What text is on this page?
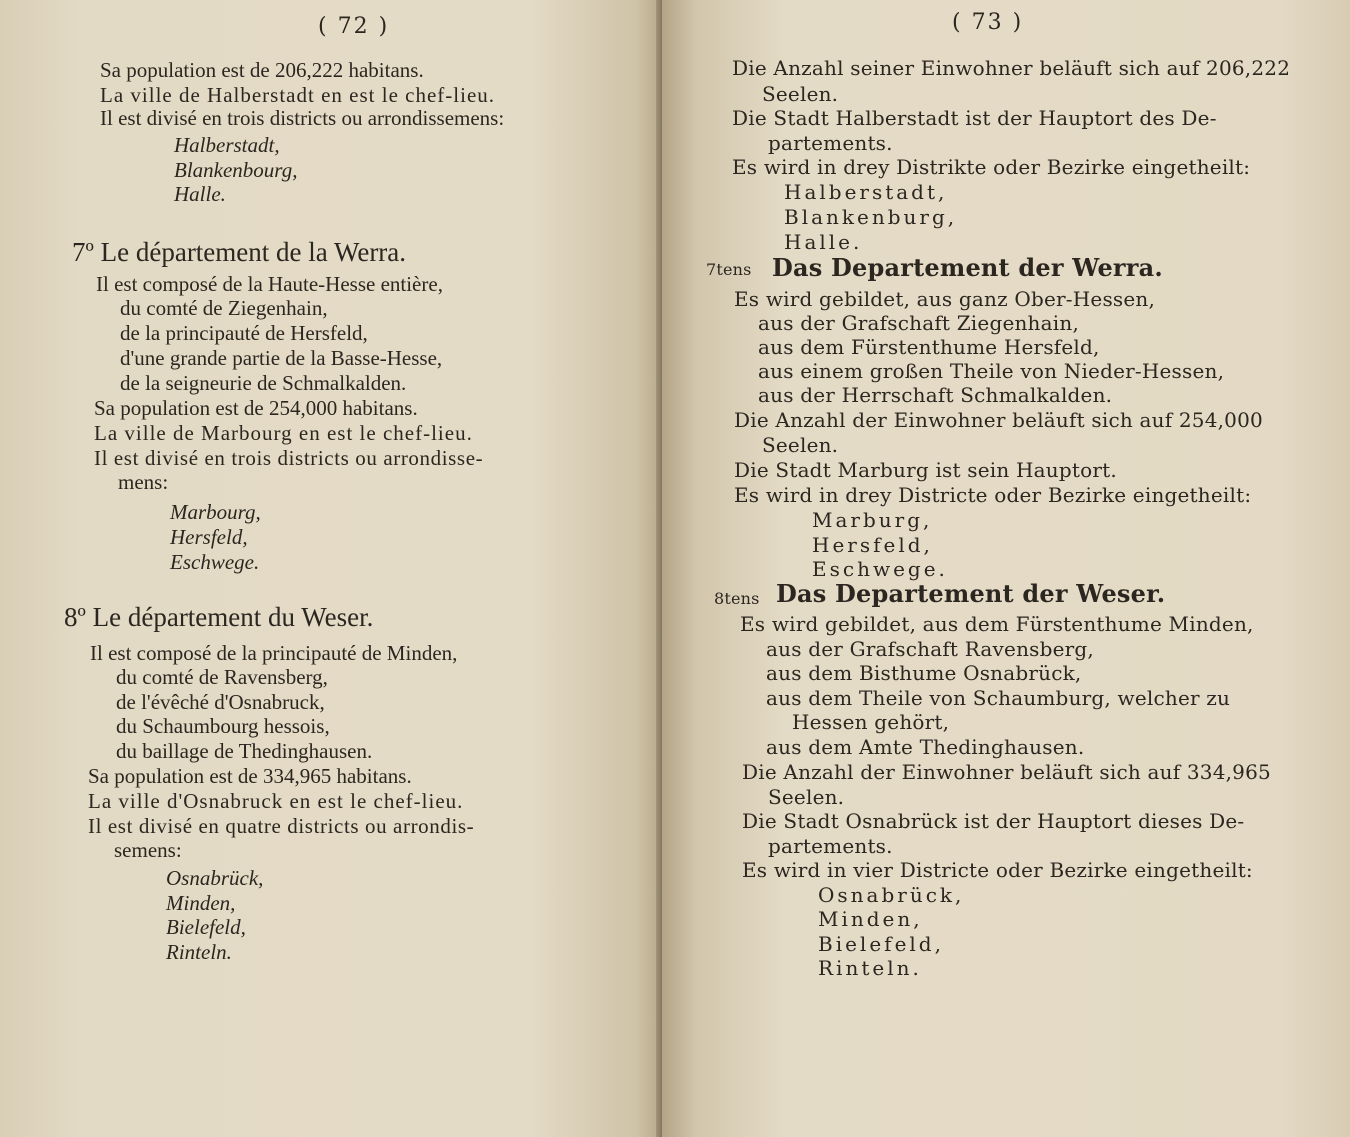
( 72 )
Sa population est de 206,222 habitans.
La ville de Halberstadt en est le chef-lieu.
Il est divisé en trois districts ou arrondissemens:
Halberstadt,
Blankenbourg,
Halle.
7º Le département de la Werra.
Il est composé de la Haute-Hesse entière,
du comté de Ziegenhain,
de la principauté de Hersfeld,
d'une grande partie de la Basse-Hesse,
de la seigneurie de Schmalkalden.
Sa population est de 254,000 habitans.
La ville de Marbourg en est le chef-lieu.
Il est divisé en trois districts ou arrondisse-
mens:
Marbourg,
Hersfeld,
Eschwege.
8º Le département du Weser.
Il est composé de la principauté de Minden,
du comté de Ravensberg,
de l'évêché d'Osnabruck,
du Schaumbourg hessois,
du baillage de Thedinghausen.
Sa population est de 334,965 habitans.
La ville d'Osnabruck en est le chef-lieu.
Il est divisé en quatre districts ou arrondis-
semens:
Osnabrück,
Minden,
Bielefeld,
Rinteln.
( 73 )
Die Anzahl seiner Einwohner beläuft sich auf 206,222
Seelen.
Die Stadt Halberstadt ist der Hauptort des De-
partements.
Es wird in drey Distrikte oder Bezirke eingetheilt:
Halberstadt,
Blankenburg,
Halle.
7tens Das Departement der Werra.
Es wird gebildet, aus ganz Ober-Hessen,
aus der Grafschaft Ziegenhain,
aus dem Fürstenthume Hersfeld,
aus einem großen Theile von Nieder-Hessen,
aus der Herrschaft Schmalkalden.
Die Anzahl der Einwohner beläuft sich auf 254,000
Seelen.
Die Stadt Marburg ist sein Hauptort.
Es wird in drey Districte oder Bezirke eingetheilt:
Marburg,
Hersfeld,
Eschwege.
8tens Das Departement der Weser.
Es wird gebildet, aus dem Fürstenthume Minden,
aus der Grafschaft Ravensberg,
aus dem Bisthume Osnabrück,
aus dem Theile von Schaumburg, welcher zu
Hessen gehört,
aus dem Amte Thedinghausen.
Die Anzahl der Einwohner beläuft sich auf 334,965
Seelen.
Die Stadt Osnabrück ist der Hauptort dieses De-
partements.
Es wird in vier Districte oder Bezirke eingetheilt:
Osnabrück,
Minden,
Bielefeld,
Rinteln.
